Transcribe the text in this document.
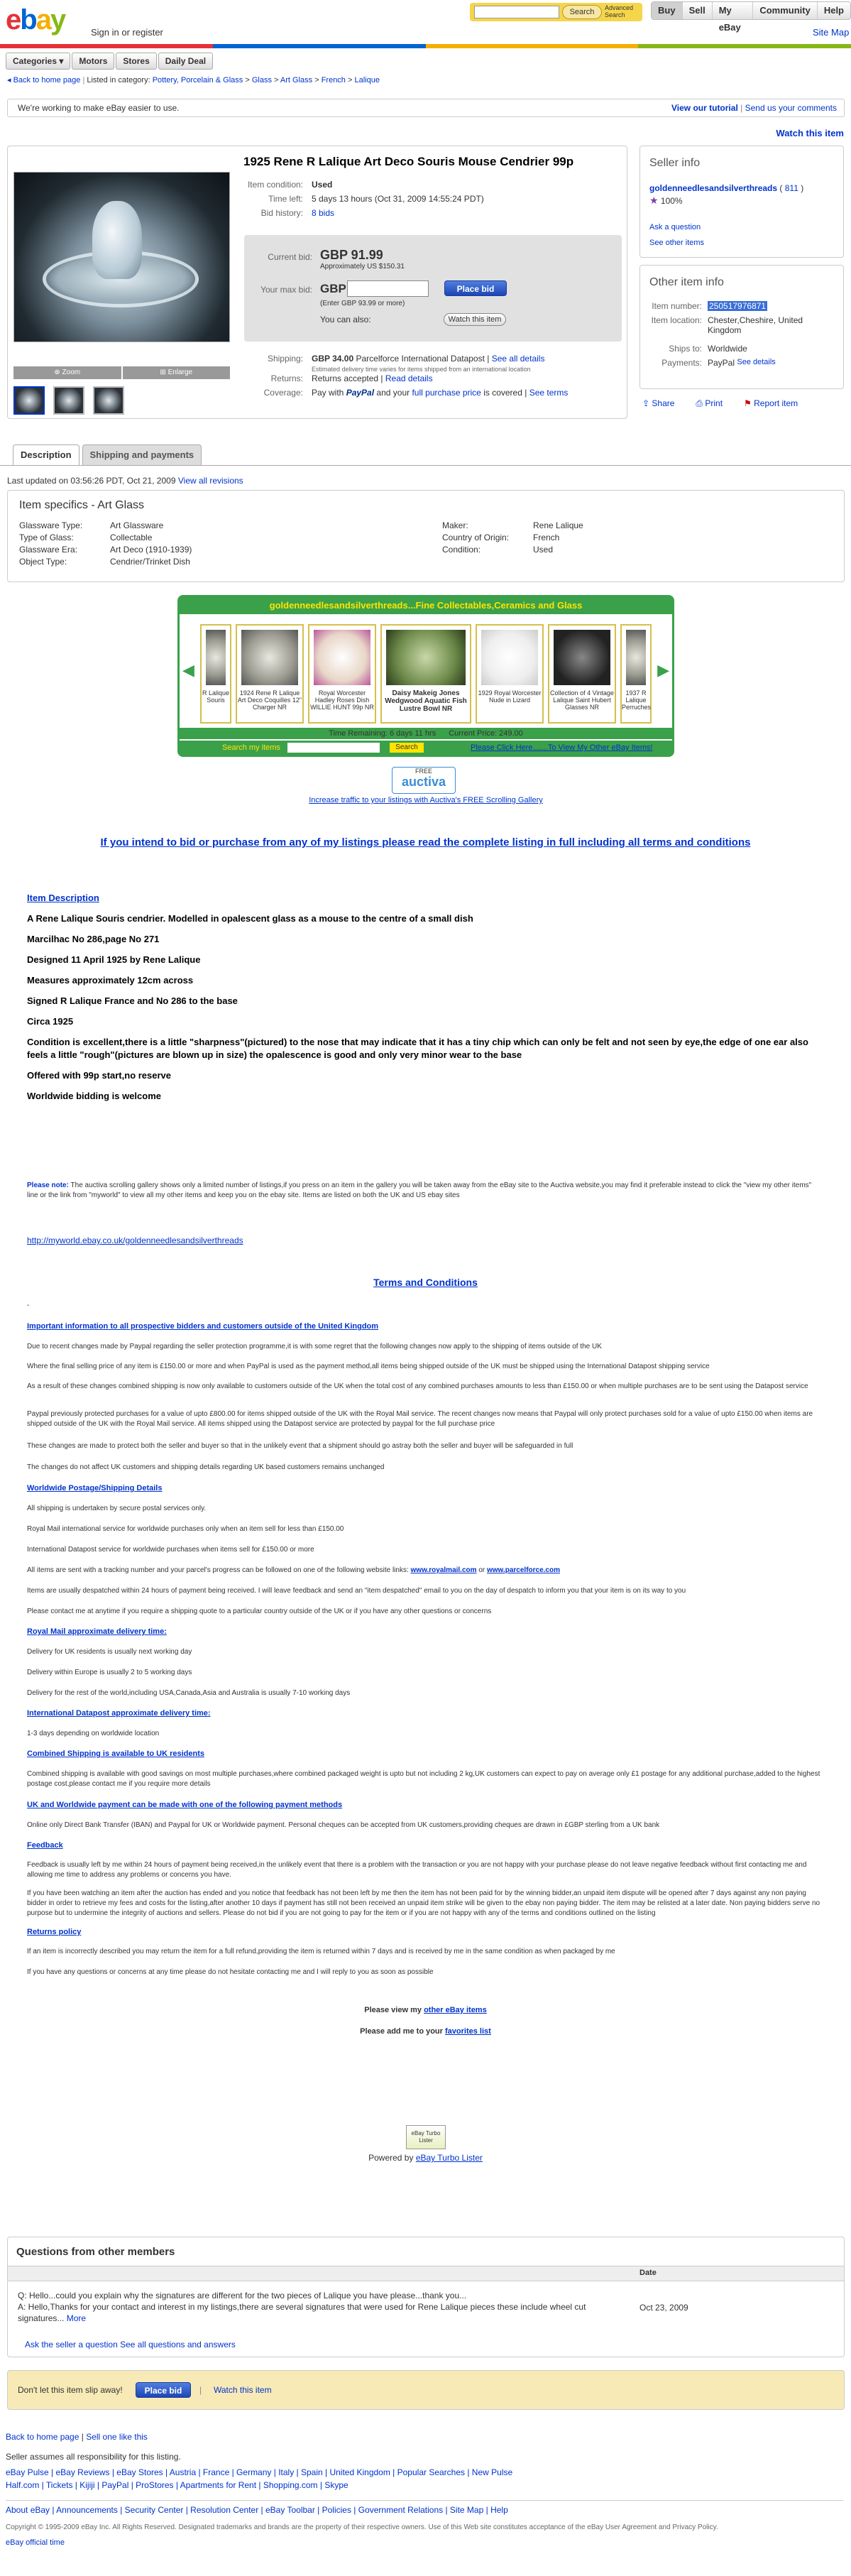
ebay	Sign in or register
Search	Advanced Search	Buy	Sell	My eBay
Community	Help
Site Map
Categories ▾	Motors	Stores	Daily Deal
◂ Back to home page | Listed in category: Pottery, Porcelain & Glass > Glass > Art Glass > French > Lalique
We're working to make eBay easier to use.	View our tutorial | Send us your comments
Watch this item
⊕ Zoom	⊞ Enlarge
1925 Rene R Lalique Art Deco Souris Mouse Cendrier 99p
Item condition:	Used
Time left:	5 days 13 hours (Oct 31, 2009 14:55:24 PDT)
Bid history:	8 bids
Current bid: GBP 91.99
Approximately US $150.31
Your max bid: GBP	Place bid
(Enter GBP 93.99 or more)
You can also:	Watch this item
Shipping:	GBP 34.00 Parcelforce International Datapost | See all details
Estimated delivery time varies for items shipped from an international location
Returns:	Returns accepted | Read details
Coverage:	Pay with
PayPal
and your
full purchase price
is covered | See terms
Seller info
goldenneedlesandsilverthreads ( 811 )
★ 100%
Ask a question
See other items
Other item info
Item number: 250517976871
Item location: Chester,Cheshire, United Kingdom
Ships to: Worldwide
Payments: PayPal
See details
⇪ Share	⎙ Print	⚑ Report item
Description	Shipping and payments
Last updated on 03:56:26 PDT, Oct 21, 2009 View all revisions
Item specifics - Art Glass
Glassware Type:	Art Glassware
Type of Glass:	Collectable
Glassware Era:	Art Deco (1910-1939)
Object Type:	Cendrier/Trinket Dish
Maker:	Rene Lalique
Country of Origin:	French
Condition:	Used
goldenneedlesandsilverthreads...Fine Collectables,Ceramics and Glass
◀	▶
R Lalique Souris
1924 Rene R Lalique Art Deco Coquilles 12" Charger NR
Royal Worcester Hadley Roses Dish WILLIE HUNT 99p NR
Daisy Makeig Jones Wedgwood Aquatic Fish Lustre Bowl NR
1929 Royal Worcester Nude in Lizard
Collection of 4 Vintage Lalique Saint Hubert Glasses NR
1937 R Lalique Perruches
Time Remaining: 6 days 11 hrs Current Price: 249.00
Search my items	Search	Please Click Here.......To View My Other eBay Items!
FREE
auctiva
Increase traffic to your listings with Auctiva's FREE Scrolling Gallery
If you intend to bid or purchase from any of my listings please read the complete listing in full including all terms and conditions
Item Description
A Rene Lalique Souris cendrier. Modelled in opalescent glass as a mouse to the centre of a small dish
Marcilhac No 286,page No 271
Designed 11 April 1925 by Rene Lalique
Measures approximately 12cm across
Signed R Lalique France and No 286 to the base
Circa 1925
Condition is excellent,there is a little "sharpness"(pictured) to the nose that may indicate that it has a tiny chip which can only be felt and not seen by eye,the edge of one ear also feels a little "rough"(pictures are blown up in size) the opalescence is good and only very minor wear to the base
Offered with 99p start,no reserve
Worldwide bidding is welcome
Please note: The auctiva scrolling gallery shows only a limited number of listings,if you press on an item in the gallery you will be taken away from the eBay site to the Auctiva website,you may find it preferable instead to click the "view my other items" line or the link from "myworld" to view all my other items and keep you on the ebay site. Items are listed on both the UK and US ebay sites
http://myworld.ebay.co.uk/goldenneedlesandsilverthreads
Terms and Conditions
-
Important information to all prospective bidders and customers outside of the United Kingdom
Due to recent changes made by Paypal regarding the seller protection programme,it is with some regret that the following changes now apply to the shipping of items outside of the UK
Where the final selling price of any item is £150.00 or more and when PayPal is used as the payment method,all items being shipped outside of the UK must be shipped using the International Datapost shipping service
As a result of these changes combined shipping is now only available to customers outside of the UK when the total cost of any combined purchases amounts to less than £150.00 or when multiple purchases are to be sent using the Datapost service
Paypal previously protected purchases for a value of upto £800.00 for items shipped outside of the UK with the Royal Mail service. The recent changes now means that Paypal will only protect purchases sold for a value of upto £150.00 when items are shipped outside of the UK with the Royal Mail service. All items shipped using the Datapost service are protected by paypal for the full purchase price
These changes are made to protect both the seller and buyer so that in the unlikely event that a shipment should go astray both the seller and buyer will be safeguarded in full
The changes do not affect UK customers and shipping details regarding UK based customers remains unchanged
Worldwide Postage/Shipping Details
All shipping is undertaken by secure postal services only.
Royal Mail international service for worldwide purchases only when an item sell for less than £150.00
International Datapost service for worldwide purchases when items sell for £150.00 or more
All items are sent with a tracking number and your parcel's progress can be followed on one of the following website links: www.royalmail.com or www.parcelforce.com
Items are usually despatched within 24 hours of payment being received. I will leave feedback and send an "item despatched" email to you on the day of despatch to inform you that your item is on its way to you
Please contact me at anytime if you require a shipping quote to a particular country outside of the UK or if you have any other questions or concerns
Royal Mail approximate delivery time:
Delivery for UK residents is usually next working day
Delivery within Europe is usually 2 to 5 working days
Delivery for the rest of the world,including USA,Canada,Asia and Australia is usually 7-10 working days
International Datapost approximate delivery time:
1-3 days depending on worldwide location
Combined Shipping is available to UK residents
Combined shipping is available with good savings on most multiple purchases,where combined packaged weight is upto but not including 2 kg,UK customers can expect to pay on average only £1 postage for any additional purchase,added to the highest postage cost,please contact me if you require more details
UK and Worldwide payment can be made with one of the following payment methods
Online only Direct Bank Transfer (IBAN) and Paypal for UK or Worldwide payment. Personal cheques can be accepted from UK customers,providing cheques are drawn in £GBP sterling from a UK bank
Feedback
Feedback is usually left by me within 24 hours of payment being received,in the unlikely event that there is a problem with the transaction or you are not happy with your purchase please do not leave negative feedback without first contacting me and allowing me time to address any problems or concerns you have.
If you have been watching an item after the auction has ended and you notice that feedback has not been left by me then the item has not been paid for by the winning bidder,an unpaid item dispute will be opened after 7 days against any non paying bidder in order to retrieve my fees and costs for the listing,after another 10 days if payment has still not been received an unpaid item strike will be given to the ebay non paying bidder. The item may be relisted at a later date. Non paying bidders serve no purpose but to undermine the integrity of auctions and sellers. Please do not bid if you are not going to pay for the item or if you are not happy with any of the terms and conditions outlined on the listing
Returns policy
If an item is incorrectly described you may return the item for a full refund,providing the item is returned within 7 days and is received by me in the same condition as when packaged by me
If you have any questions or concerns at any time please do not hesitate contacting me and I will reply to you as soon as possible
Please view my other eBay items
Please add me to your favorites list
eBay Turbo Lister
Powered by eBay Turbo Lister
Questions from other members
Date
Q: Hello...could you explain why the signatures are different for the two pieces of Lalique you have please...thank you...
A: Hello,Thanks for your contact and interest in my listings,there are several signatures that were used for Rene Lalique pieces these include wheel cut signatures... More
Oct 23, 2009
Ask the seller a question See all questions and answers
Don't let this item slip away!	Place bid	| Watch this item
Back to home page | Sell one like this
Seller assumes all responsibility for this listing.
eBay Pulse | eBay Reviews | eBay Stores | Austria | France | Germany | Italy | Spain | United Kingdom | Popular Searches | New Pulse
Half.com | Tickets | Kijiji | PayPal | ProStores | Apartments for Rent | Shopping.com | Skype
About eBay | Announcements | Security Center | Resolution Center | eBay Toolbar | Policies | Government Relations | Site Map | Help
Copyright © 1995-2009 eBay Inc. All Rights Reserved. Designated trademarks and brands are the property of their respective owners. Use of this Web site constitutes acceptance of the eBay User Agreement and Privacy Policy.
eBay official time
